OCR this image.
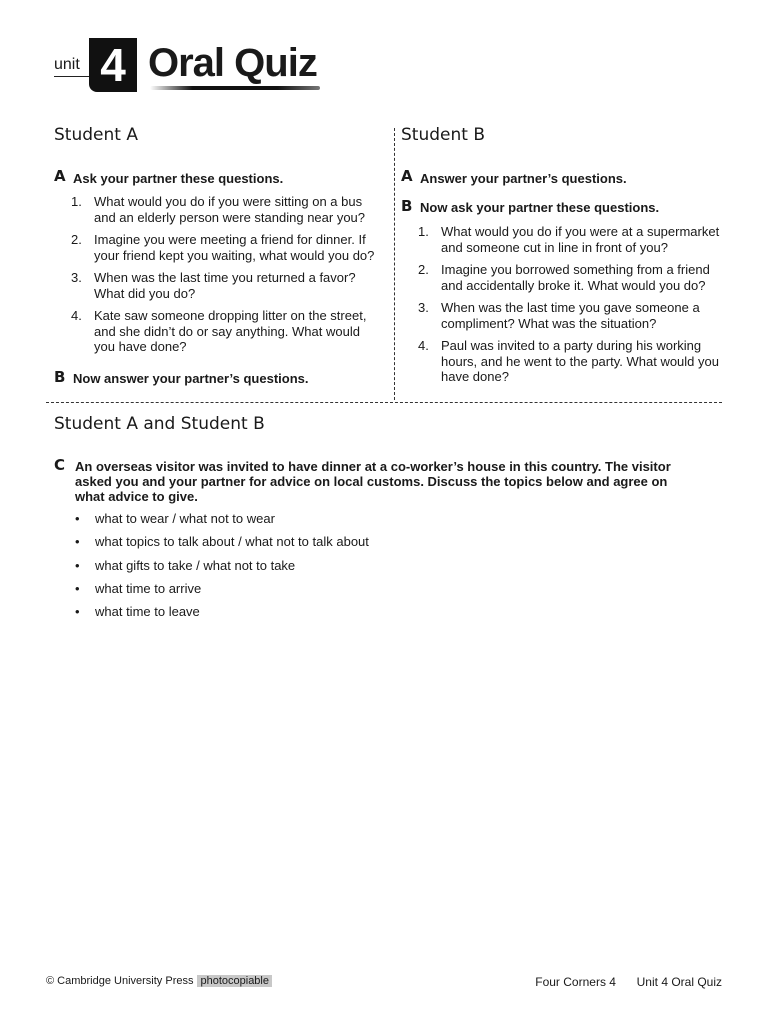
unit 4 Oral Quiz
Student A
A Ask your partner these questions.
1. What would you do if you were sitting on a bus and an elderly person were standing near you?
2. Imagine you were meeting a friend for dinner. If your friend kept you waiting, what would you do?
3. When was the last time you returned a favor? What did you do?
4. Kate saw someone dropping litter on the street, and she didn’t do or say anything. What would you have done?
B Now answer your partner’s questions.
Student B
A Answer your partner’s questions.
B Now ask your partner these questions.
1. What would you do if you were at a supermarket and someone cut in line in front of you?
2. Imagine you borrowed something from a friend and accidentally broke it. What would you do?
3. When was the last time you gave someone a compliment? What was the situation?
4. Paul was invited to a party during his working hours, and he went to the party. What would you have done?
Student A and Student B
C An overseas visitor was invited to have dinner at a co-worker’s house in this country. The visitor asked you and your partner for advice on local customs. Discuss the topics below and agree on what advice to give.
• what to wear / what not to wear
• what topics to talk about / what not to talk about
• what gifts to take / what not to take
• what time to arrive
• what time to leave
© Cambridge University Press photocopiable	Four Corners 4 Unit 4 Oral Quiz
